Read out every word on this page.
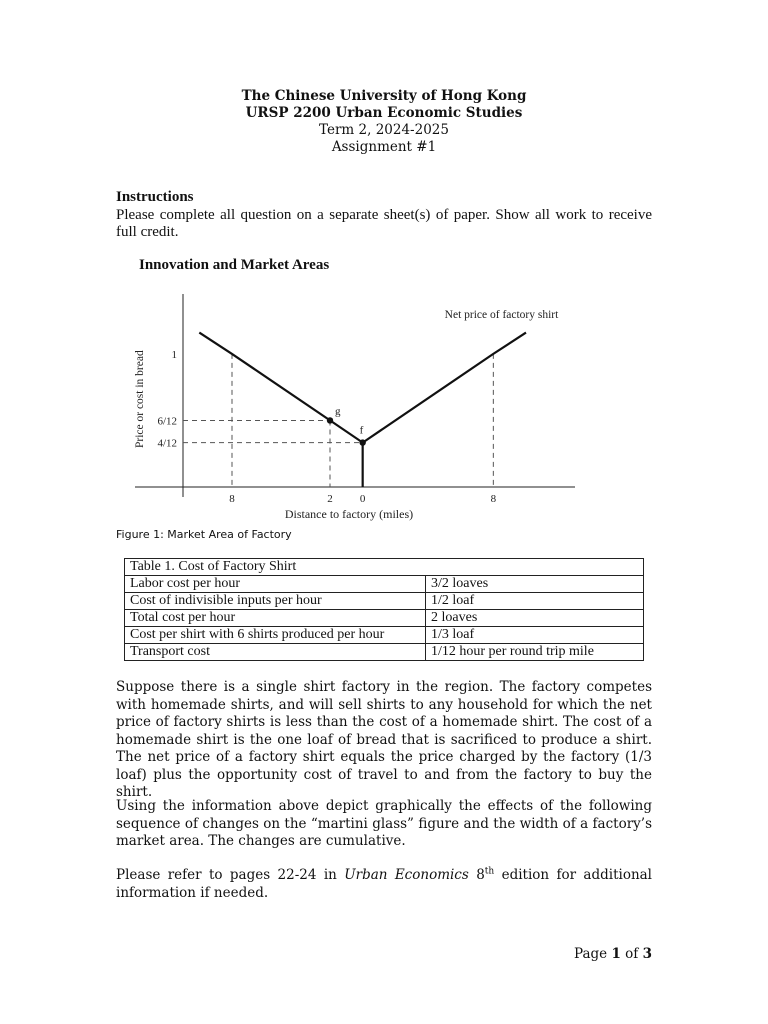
The Chinese University of Hong Kong
URSP 2200 Urban Economic Studies
Term 2, 2024-2025
Assignment #1
Instructions
Please complete all question on a separate sheet(s) of paper. Show all work to receive full credit.
Innovation and Market Areas
g
f
1
6/12
4/12
8	2 0	8
Distance to factory (miles)
Price or cost in bread
Net price of factory shirt
Figure 1: Market Area of Factory
Table 1. Cost of Factory Shirt	
Labor cost per hour	3/2 loaves
Cost of indivisible inputs per hour	1/2 loaf
Total cost per hour	2 loaves
Cost per shirt with 6 shirts produced per hour	1/3 loaf
Transport cost	1/12 hour per round trip mile
Suppose there is a single shirt factory in the region. The factory competes with homemade shirts, and will sell shirts to any household for which the net price of factory shirts is less than the cost of a homemade shirt. The cost of a homemade shirt is the one loaf of bread that is sacrificed to produce a shirt. The net price of a factory shirt equals the price charged by the factory (1/3 loaf) plus the opportunity cost of travel to and from the factory to buy the shirt.
Using the information above depict graphically the effects of the following sequence of changes on the “martini glass” figure and the width of a factory’s market area. The changes are cumulative.
Please refer to pages 22-24 in Urban Economics 8th edition for additional information if needed.
Page 1 of 3
